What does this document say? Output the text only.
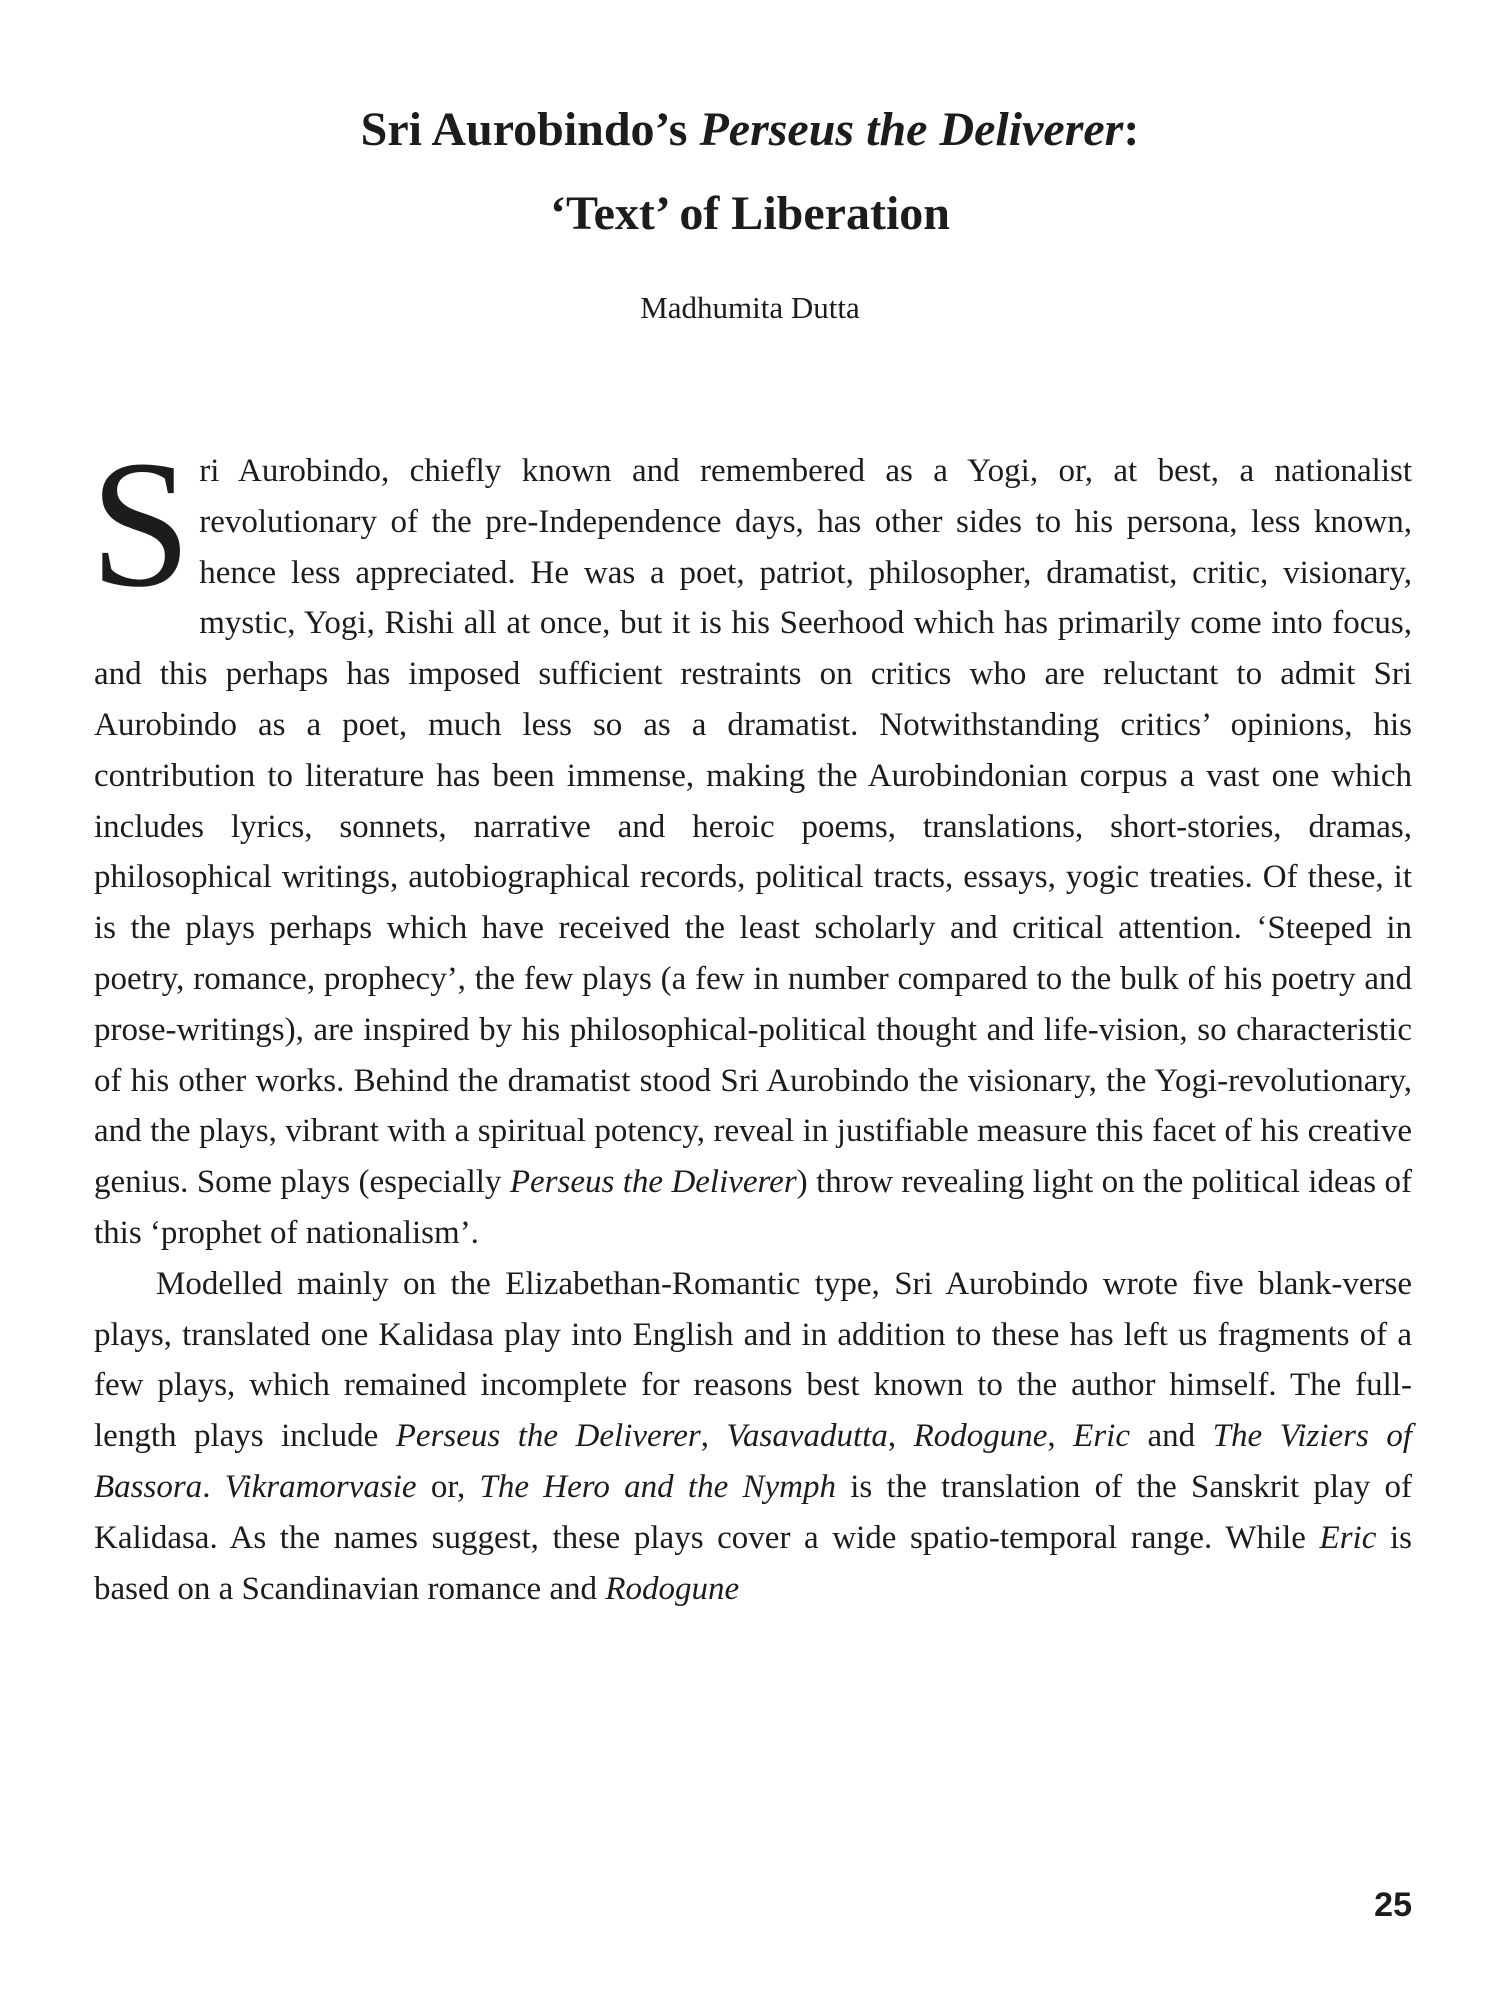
Sri Aurobindo’s Perseus the Deliverer:
‘Text’ of Liberation

Madhumita Dutta

Sri Aurobindo, chiefly known and remembered as a Yogi, or, at best, a nationalist revolutionary of the pre-Independence days, has other sides to his persona, less known, hence less appreciated. He was a poet, patriot, philosopher, dramatist, critic, visionary, mystic, Yogi, Rishi all at once, but it is his Seerhood which has primarily come into focus, and this perhaps has imposed sufficient restraints on critics who are reluctant to admit Sri Aurobindo as a poet, much less so as a dramatist. Notwithstanding critics’ opinions, his contribution to literature has been immense, making the Aurobindonian corpus a vast one which includes lyrics, sonnets, narrative and heroic poems, translations, short-stories, dramas, philosophical writings, autobiographical records, political tracts, essays, yogic treaties. Of these, it is the plays perhaps which have received the least scholarly and critical attention. ‘Steeped in poetry, romance, prophecy’, the few plays (a few in number compared to the bulk of his poetry and prose-writings), are inspired by his philosophical-political thought and life-vision, so characteristic of his other works. Behind the dramatist stood Sri Aurobindo the visionary, the Yogi-revolutionary, and the plays, vibrant with a spiritual potency, reveal in justifiable measure this facet of his creative genius. Some plays (especially Perseus the Deliverer) throw revealing light on the political ideas of this ‘prophet of nationalism’.

Modelled mainly on the Elizabethan-Romantic type, Sri Aurobindo wrote five blank-verse plays, translated one Kalidasa play into English and in addition to these has left us fragments of a few plays, which remained incomplete for reasons best known to the author himself. The full-length plays include Perseus the Deliverer, Vasavadutta, Rodogune, Eric and The Viziers of Bassora. Vikramorvasie or, The Hero and the Nymph is the translation of the Sanskrit play of Kalidasa. As the names suggest, these plays cover a wide spatio-temporal range. While Eric is based on a Scandinavian romance and Rodogune

25
